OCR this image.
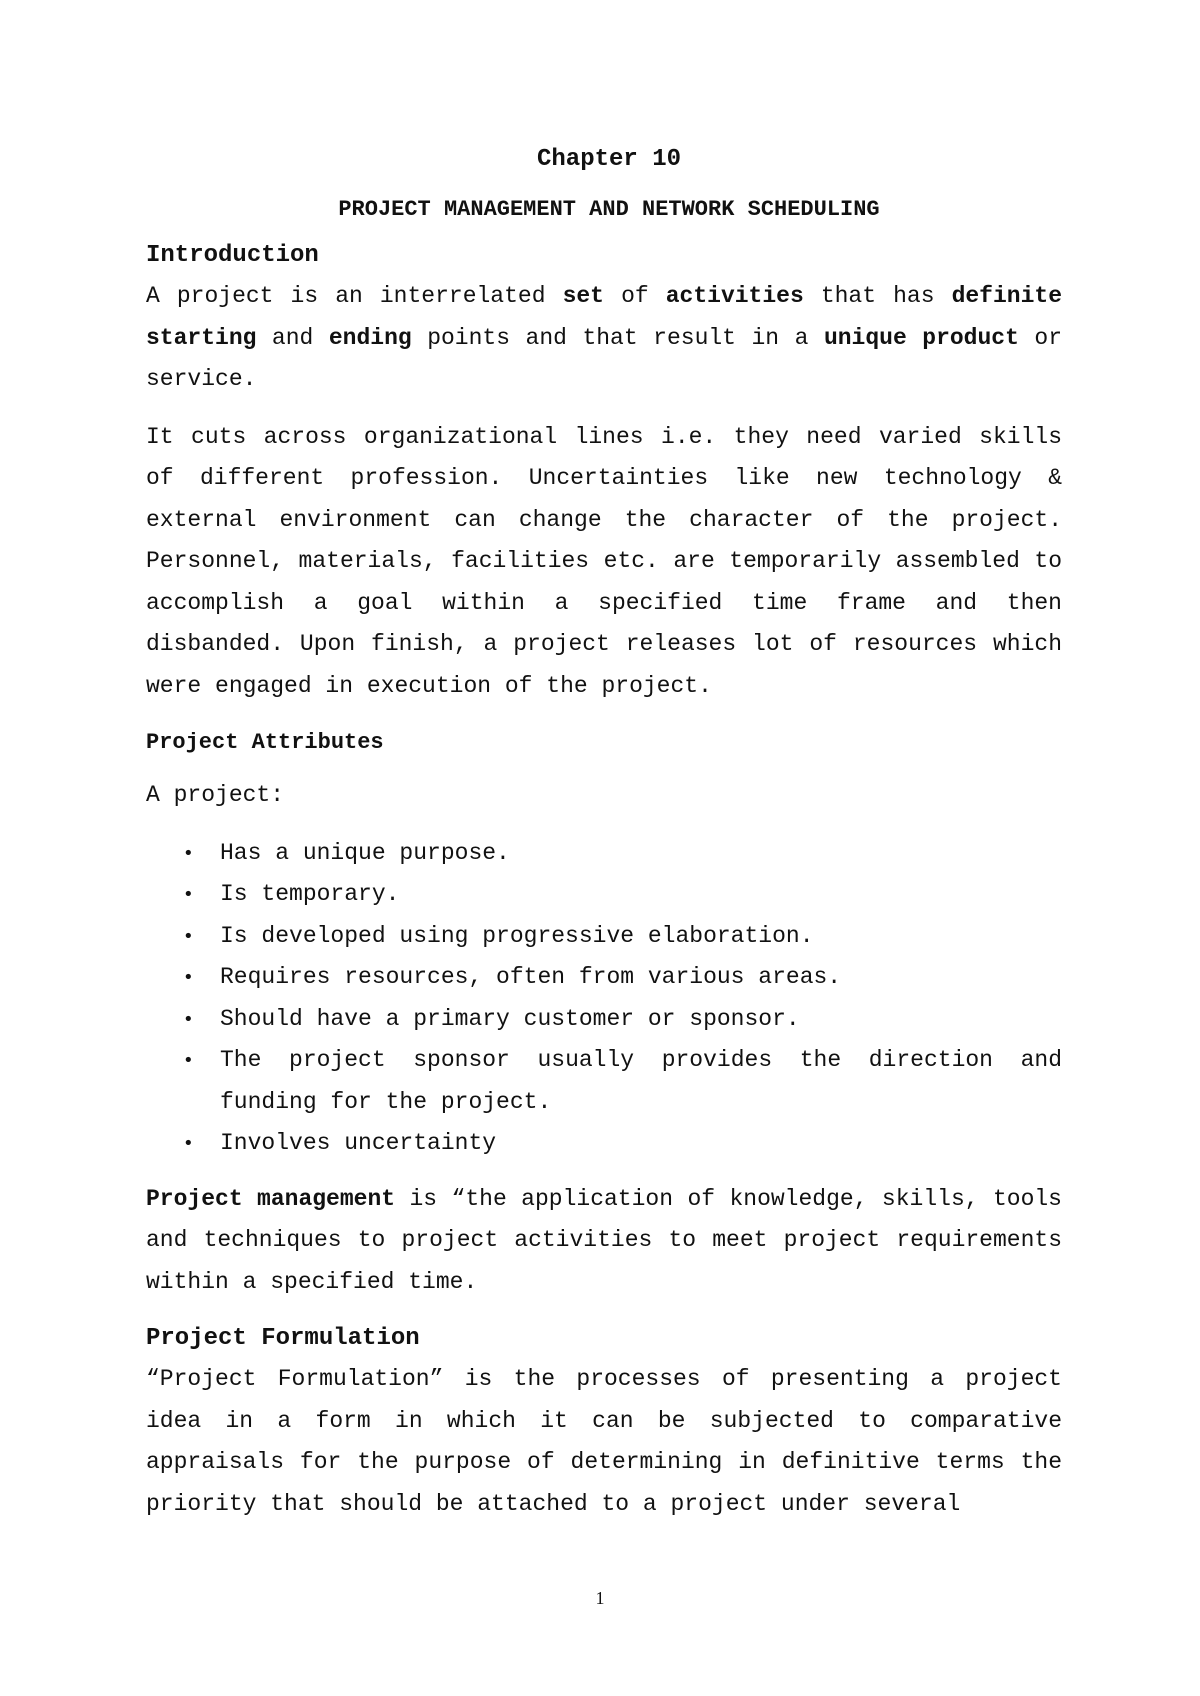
Chapter 10
PROJECT MANAGEMENT AND NETWORK SCHEDULING
Introduction

A project is an interrelated set of activities that has definite starting and ending points and that result in a unique product or service.

It cuts across organizational lines i.e. they need varied skills of different profession. Uncertainties like new technology & external environment can change the character of the project. Personnel, materials, facilities etc. are temporarily assembled to accomplish a goal within a specified time frame and then disbanded. Upon finish, a project releases lot of resources which were engaged in execution of the project.

Project Attributes

A project:

• Has a unique purpose.
• Is temporary.
• Is developed using progressive elaboration.
• Requires resources, often from various areas.
• Should have a primary customer or sponsor.
• The project sponsor usually provides the direction and funding for the project.
• Involves uncertainty

Project management is “the application of knowledge, skills, tools and techniques to project activities to meet project requirements within a specified time.

Project Formulation

“Project Formulation” is the processes of presenting a project idea in a form in which it can be subjected to comparative appraisals for the purpose of determining in definitive terms the priority that should be attached to a project under several

1
